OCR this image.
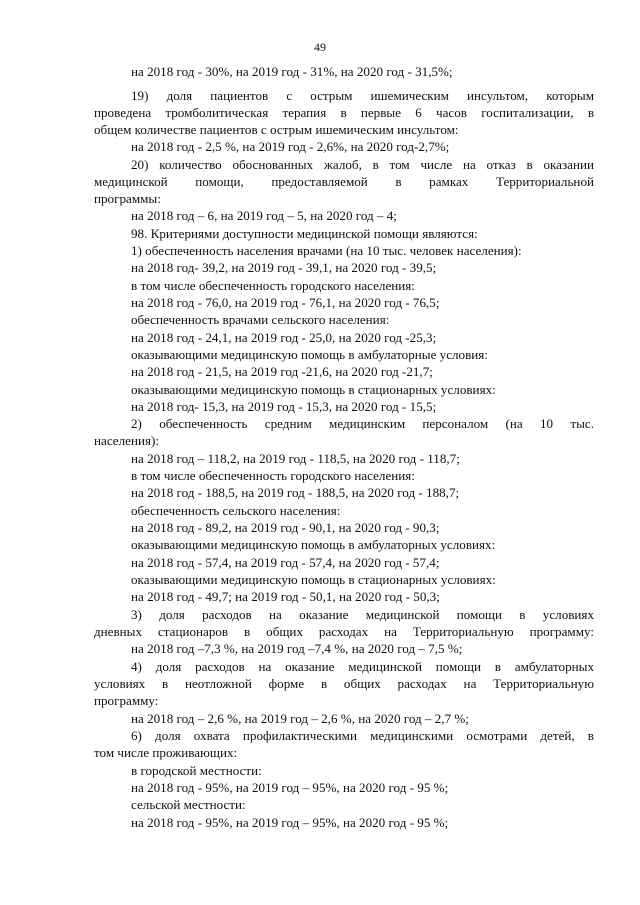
49
на 2018 год - 30%, на 2019 год - 31%, на 2020 год - 31,5%;
19) доля пациентов с острым ишемическим инсультом, которым
проведена тромболитическая терапия в первые 6 часов госпитализации, в
общем количестве пациентов с острым ишемическим инсультом:
на 2018 год - 2,5 %, на 2019 год - 2,6%, на 2020 год-2,7%;
20) количество обоснованных жалоб, в том числе на отказ в оказании
медицинской помощи, предоставляемой в рамках Территориальной
программы:
на 2018 год – 6, на 2019 год – 5, на 2020 год – 4;
98. Критериями доступности медицинской помощи являются:
1) обеспеченность населения врачами (на 10 тыс. человек населения):
на 2018 год- 39,2, на 2019 год - 39,1, на 2020 год - 39,5;
в том числе обеспеченность городского населения:
на 2018 год - 76,0, на 2019 год - 76,1, на 2020 год - 76,5;
обеспеченность врачами сельского населения:
на 2018 год - 24,1, на 2019 год - 25,0, на 2020 год -25,3;
оказывающими медицинскую помощь в амбулаторные условия:
на 2018 год - 21,5, на 2019 год -21,6, на 2020 год -21,7;
оказывающими медицинскую помощь в стационарных условиях:
на 2018 год- 15,3, на 2019 год - 15,3, на 2020 год - 15,5;
2) обеспеченность средним медицинским персоналом (на 10 тыс.
населения):
на 2018 год – 118,2, на 2019 год - 118,5, на 2020 год - 118,7;
в том числе обеспеченность городского населения:
на 2018 год - 188,5, на 2019 год - 188,5, на 2020 год - 188,7;
обеспеченность сельского населения:
на 2018 год - 89,2, на 2019 год - 90,1, на 2020 год - 90,3;
оказывающими медицинскую помощь в амбулаторных условиях:
на 2018 год - 57,4, на 2019 год - 57,4, на 2020 год - 57,4;
оказывающими медицинскую помощь в стационарных условиях:
на 2018 год - 49,7; на 2019 год - 50,1, на 2020 год - 50,3;
3) доля расходов на оказание медицинской помощи в условиях
дневных стационаров в общих расходах на Территориальную программу:
на 2018 год –7,3 %, на 2019 год –7,4 %, на 2020 год – 7,5 %;
4) доля расходов на оказание медицинской помощи в амбулаторных
условиях в неотложной форме в общих расходах на Территориальную
программу:
на 2018 год – 2,6 %, на 2019 год – 2,6 %, на 2020 год – 2,7 %;
6) доля охвата профилактическими медицинскими осмотрами детей, в
том числе проживающих:
в городской местности:
на 2018 год - 95%, на 2019 год – 95%, на 2020 год - 95 %;
сельской местности:
на 2018 год - 95%, на 2019 год – 95%, на 2020 год - 95 %;
